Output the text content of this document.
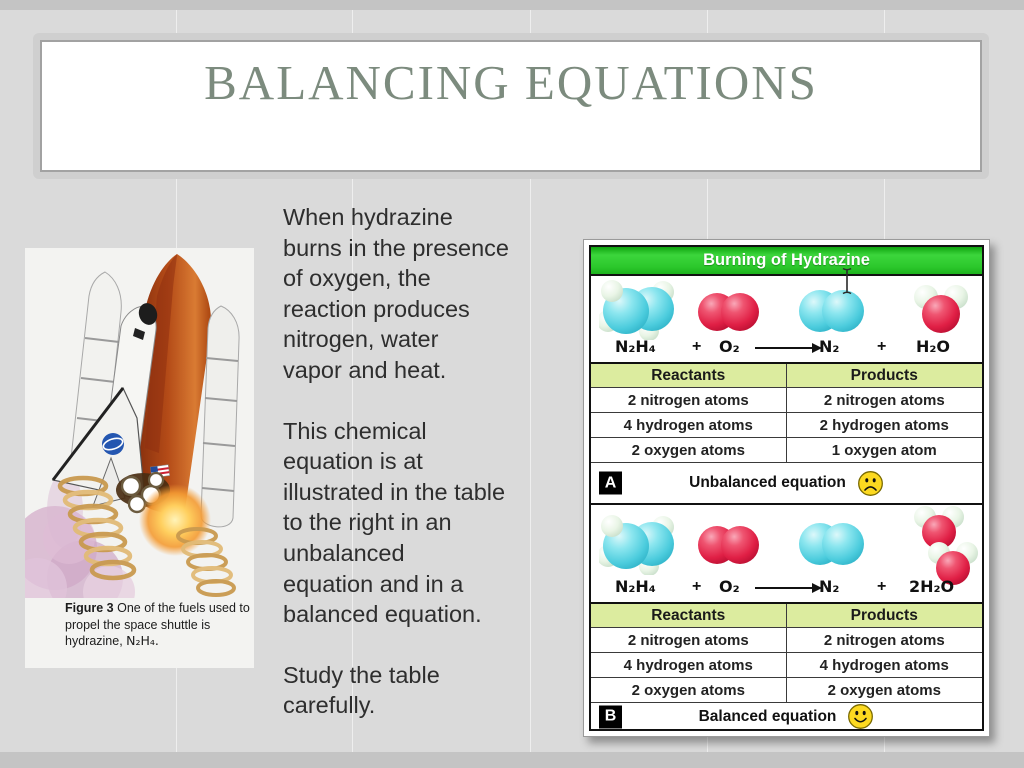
BALANCING EQUATIONS
When hydrazine
burns in the presence
of oxygen, the
reaction produces
nitrogen, water
vapor and heat.
This chemical
equation is at
illustrated in the table
to the right in an
unbalanced
equation and in a
balanced equation.
Study the table
carefully.
Figure 3 One of the fuels used to propel the space shuttle is hydrazine, N₂H₄.
Burning of Hydrazine
N₂H₄ + O₂ → N₂ + H₂O
Reactants	Products
2 nitrogen atoms	2 nitrogen atoms
4 hydrogen atoms	2 hydrogen atoms
2 oxygen atoms	1 oxygen atom
A	Unbalanced equation
N₂H₄ + O₂ → N₂ + 2H₂O
Reactants	Products
2 nitrogen atoms	2 nitrogen atoms
4 hydrogen atoms	4 hydrogen atoms
2 oxygen atoms	2 oxygen atoms
B	Balanced equation
